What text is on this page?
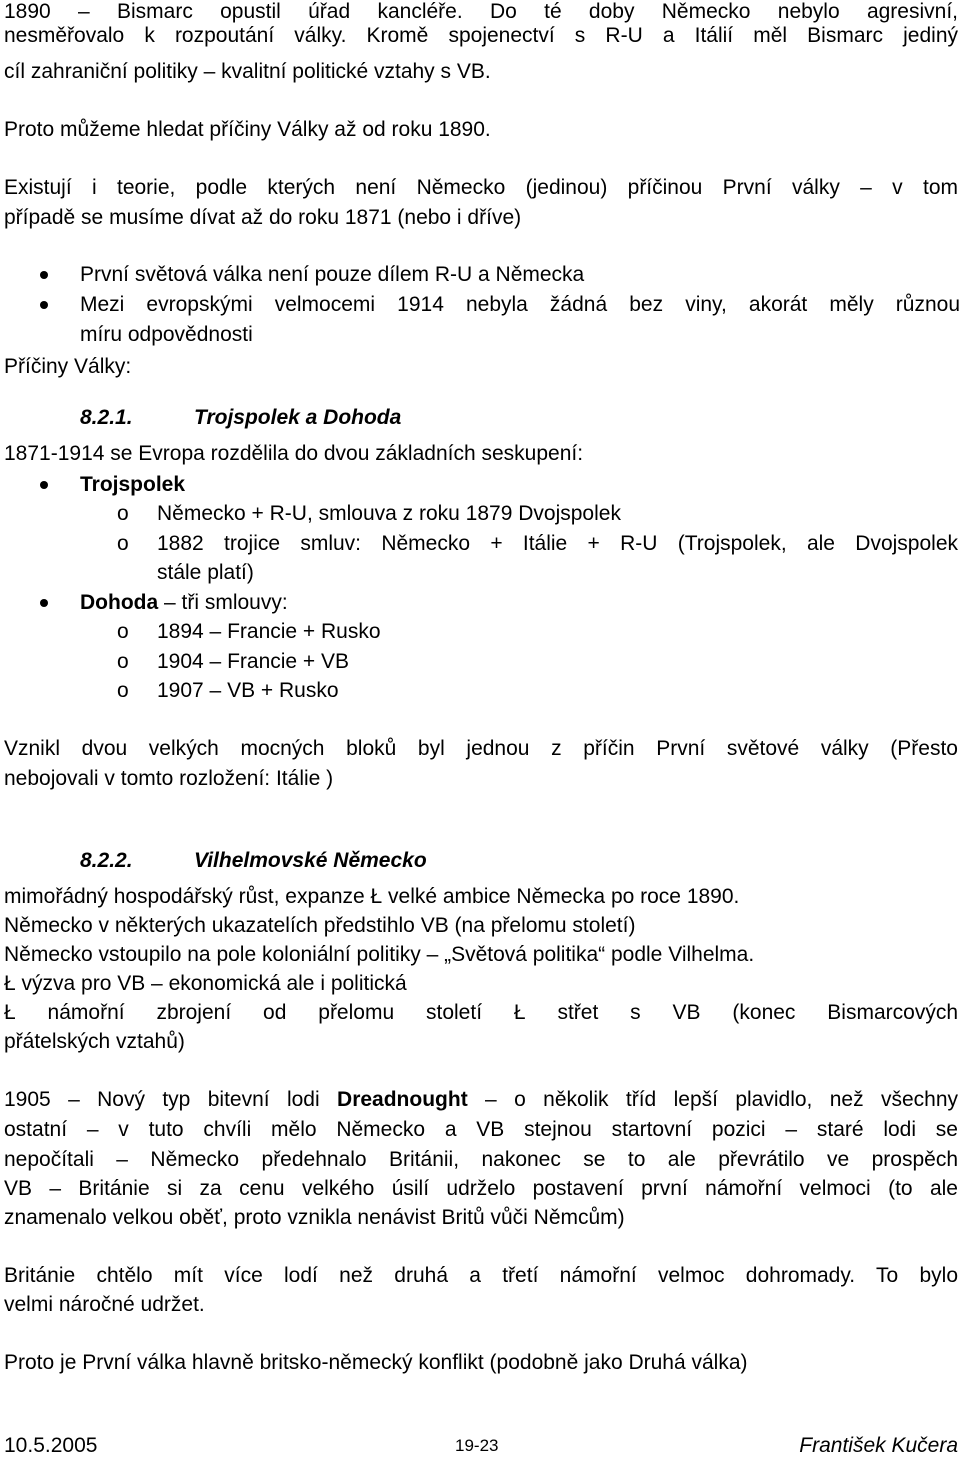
1890 – Bismarc opustil úřad kancléře. Do té doby Německo nebylo agresivní,
nesměřovalo k rozpoutání války. Kromě spojenectví s R-U a Itálií měl Bismarc jediný
cíl zahraniční politiky – kvalitní politické vztahy s VB.
Proto můžeme hledat příčiny Války až od roku 1890.
Existují i teorie, podle kterých není Německo (jedinou) příčinou První války – v tom
případě se musíme dívat až do roku 1871 (nebo i dříve)
První světová válka není pouze dílem R-U a Německa
Mezi evropskými velmocemi 1914 nebyla žádná bez viny, akorát měly různou
míru odpovědnosti
Příčiny Války:
8.2.1.	Trojspolek a Dohoda
1871-1914 se Evropa rozdělila do dvou základních seskupení:
Trojspolek
o Německo + R-U, smlouva z roku 1879 Dvojspolek
o 1882 trojice smluv: Německo + Itálie + R-U (Trojspolek, ale Dvojspolek
stále platí)
Dohoda – tři smlouvy:
o 1894 – Francie + Rusko
o 1904 – Francie + VB
o 1907 – VB + Rusko
Vznikl dvou velkých mocných bloků byl jednou z příčin První světové války (Přesto
nebojovali v tomto rozložení: Itálie )
8.2.2.	Vilhelmovské Německo
mimořádný hospodářský růst, expanze Ł velké ambice Německa po roce 1890.
Německo v některých ukazatelích předstihlo VB (na přelomu století)
Německo vstoupilo na pole koloniální politiky – „Světová politika“ podle Vilhelma.
Ł výzva pro VB – ekonomická ale i politická
Ł námořní zbrojení od přelomu století Ł střet s VB (konec Bismarcových
přátelských vztahů)
1905 – Nový typ bitevní lodi Dreadnought – o několik tříd lepší plavidlo, než všechny
ostatní – v tuto chvíli mělo Německo a VB stejnou startovní pozici – staré lodi se
nepočítali – Německo předehnalo Británii, nakonec se to ale převrátilo ve prospěch
VB – Británie si za cenu velkého úsilí udrželo postavení první námořní velmoci (to ale
znamenalo velkou oběť, proto vznikla nenávist Britů vůči Němcům)
Británie chtělo mít více lodí než druhá a třetí námořní velmoc dohromady. To bylo
velmi náročné udržet.
Proto je První válka hlavně britsko-německý konflikt (podobně jako Druhá válka)
10.5.2005	19-23	František Kučera
